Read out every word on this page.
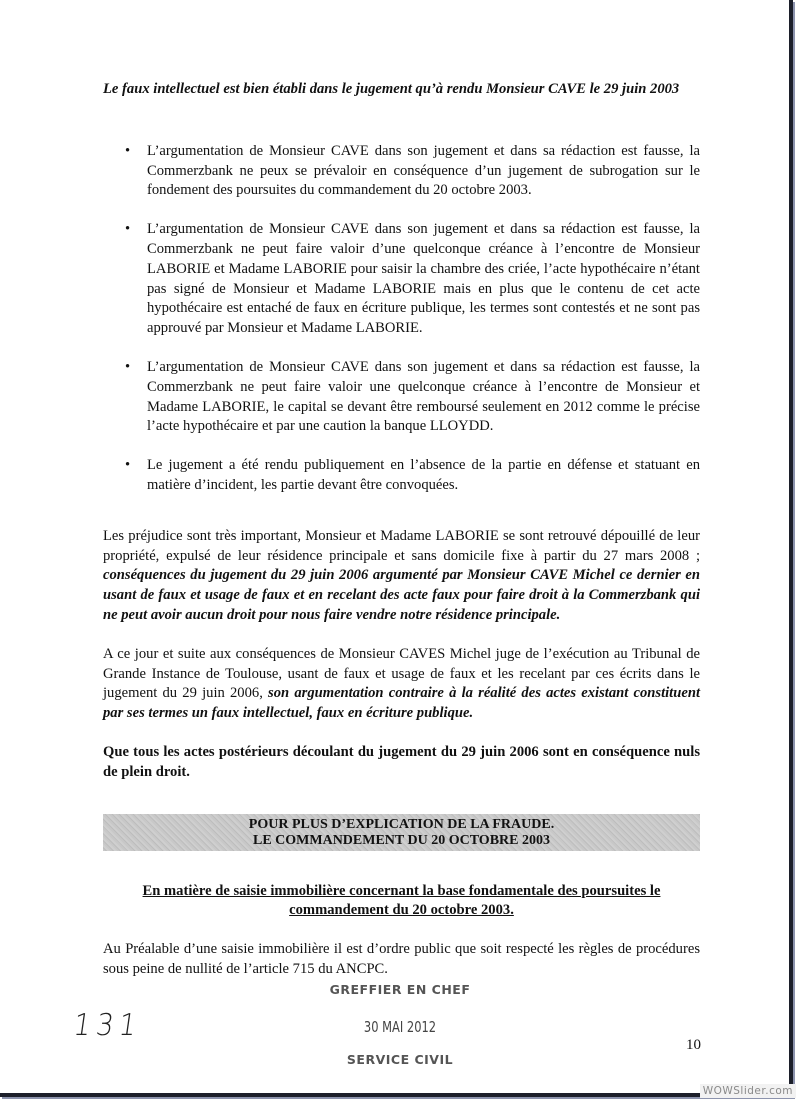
Le faux intellectuel est bien établi dans le jugement qu’à rendu Monsieur CAVE le 29 juin 2003

• L’argumentation de Monsieur CAVE dans son jugement et dans sa rédaction est fausse, la Commerzbank ne peux se prévaloir en conséquence d’un jugement de subrogation sur le fondement des poursuites du commandement du 20 octobre 2003.
• L’argumentation de Monsieur CAVE dans son jugement et dans sa rédaction est fausse, la Commerzbank ne peut faire valoir d’une quelconque créance à l’encontre de Monsieur LABORIE et Madame LABORIE pour saisir la chambre des criée, l’acte hypothécaire n’étant pas signé de Monsieur et Madame LABORIE mais en plus que le contenu de cet acte hypothécaire est entaché de faux en écriture publique, les termes sont contestés et ne sont pas approuvé par Monsieur et Madame LABORIE.
• L’argumentation de Monsieur CAVE dans son jugement et dans sa rédaction est fausse, la Commerzbank ne peut faire valoir une quelconque créance à l’encontre de Monsieur et Madame LABORIE, le capital se devant être remboursé seulement en 2012 comme le précise l’acte hypothécaire et par une caution la banque LLOYDD.
• Le jugement a été rendu publiquement en l’absence de la partie en défense et statuant en matière d’incident, les partie devant être convoquées.

Les préjudice sont très important, Monsieur et Madame LABORIE se sont retrouvé dépouillé de leur propriété, expulsé de leur résidence principale et sans domicile fixe à partir du 27 mars 2008 ; conséquences du jugement du 29 juin 2006 argumenté par Monsieur CAVE Michel ce dernier en usant de faux et usage de faux et en recelant des acte faux pour faire droit à la Commerzbank qui ne peut avoir aucun droit pour nous faire vendre notre résidence principale.

A ce jour et suite aux conséquences de Monsieur CAVES Michel juge de l’exécution au Tribunal de Grande Instance de Toulouse, usant de faux et usage de faux et les recelant par ces écrits dans le jugement du 29 juin 2006, son argumentation contraire à la réalité des actes existant constituent par ses termes un faux intellectuel, faux en écriture publique.

Que tous les actes postérieurs découlant du jugement du 29 juin 2006 sont en conséquence nuls de plein droit.

POUR PLUS D’EXPLICATION DE LA FRAUDE.
LE COMMANDEMENT DU 20 OCTOBRE 2003

En matière de saisie immobilière concernant la base fondamentale des poursuites le commandement du 20 octobre 2003.

Au Préalable d’une saisie immobilière il est d’ordre public que soit respecté les règles de procédures sous peine de nullité de l’article 715 du ANCPC.

GREFFIER EN CHEF
30 MAI 2012
SERVICE CIVIL
131
10
WOWSlider.com
